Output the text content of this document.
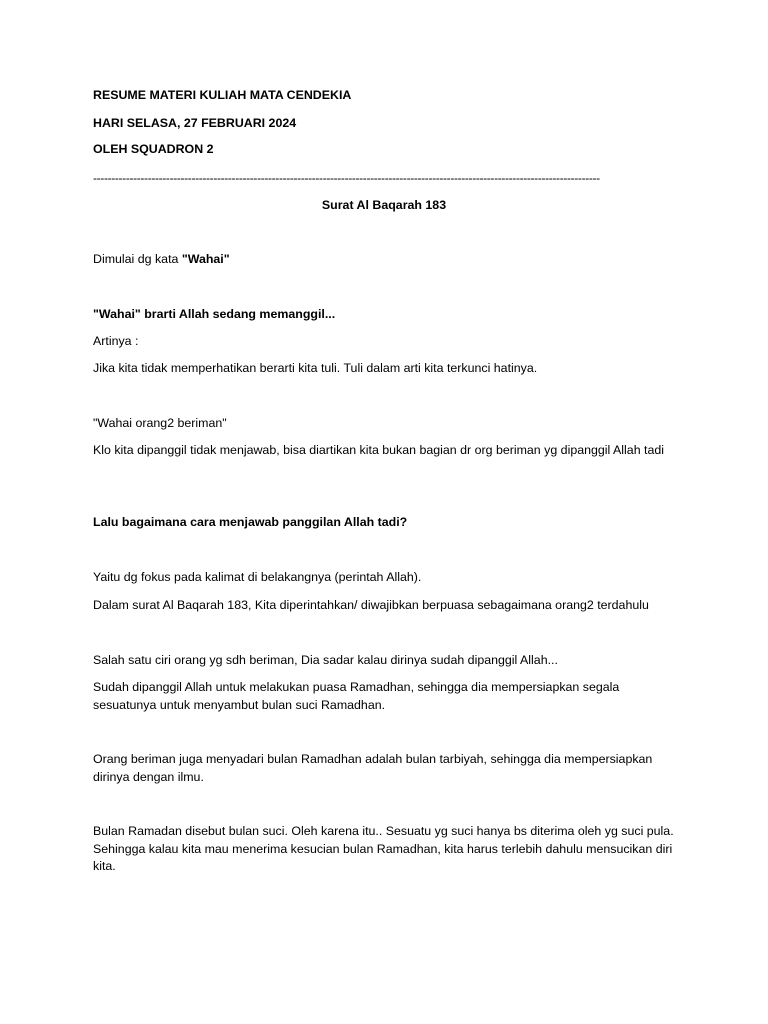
RESUME MATERI KULIAH MATA CENDEKIA
HARI SELASA, 27 FEBRUARI 2024
OLEH SQUADRON 2
-------------------------------------------------------------------------------------------------------------------------------------------
Surat Al Baqarah 183
Dimulai dg kata "Wahai"
"Wahai" brarti Allah sedang memanggil...
Artinya :
Jika kita tidak memperhatikan berarti kita tuli. Tuli dalam arti kita terkunci hatinya.
"Wahai orang2 beriman"
Klo kita dipanggil tidak menjawab, bisa diartikan kita bukan bagian dr org beriman yg dipanggil Allah tadi
Lalu bagaimana cara menjawab panggilan Allah tadi?
Yaitu dg fokus pada kalimat di belakangnya (perintah Allah).
Dalam surat Al Baqarah 183, Kita diperintahkan/ diwajibkan berpuasa sebagaimana orang2 terdahulu
Salah satu ciri orang yg sdh beriman, Dia sadar kalau dirinya sudah dipanggil Allah...
Sudah dipanggil Allah untuk melakukan puasa Ramadhan, sehingga dia mempersiapkan segala sesuatunya untuk menyambut bulan suci Ramadhan.
Orang beriman juga menyadari bulan Ramadhan adalah bulan tarbiyah, sehingga dia mempersiapkan dirinya dengan ilmu.
Bulan Ramadan disebut bulan suci. Oleh karena itu.. Sesuatu yg suci hanya bs diterima oleh yg suci pula. Sehingga kalau kita mau menerima kesucian bulan Ramadhan, kita harus terlebih dahulu mensucikan diri kita.
